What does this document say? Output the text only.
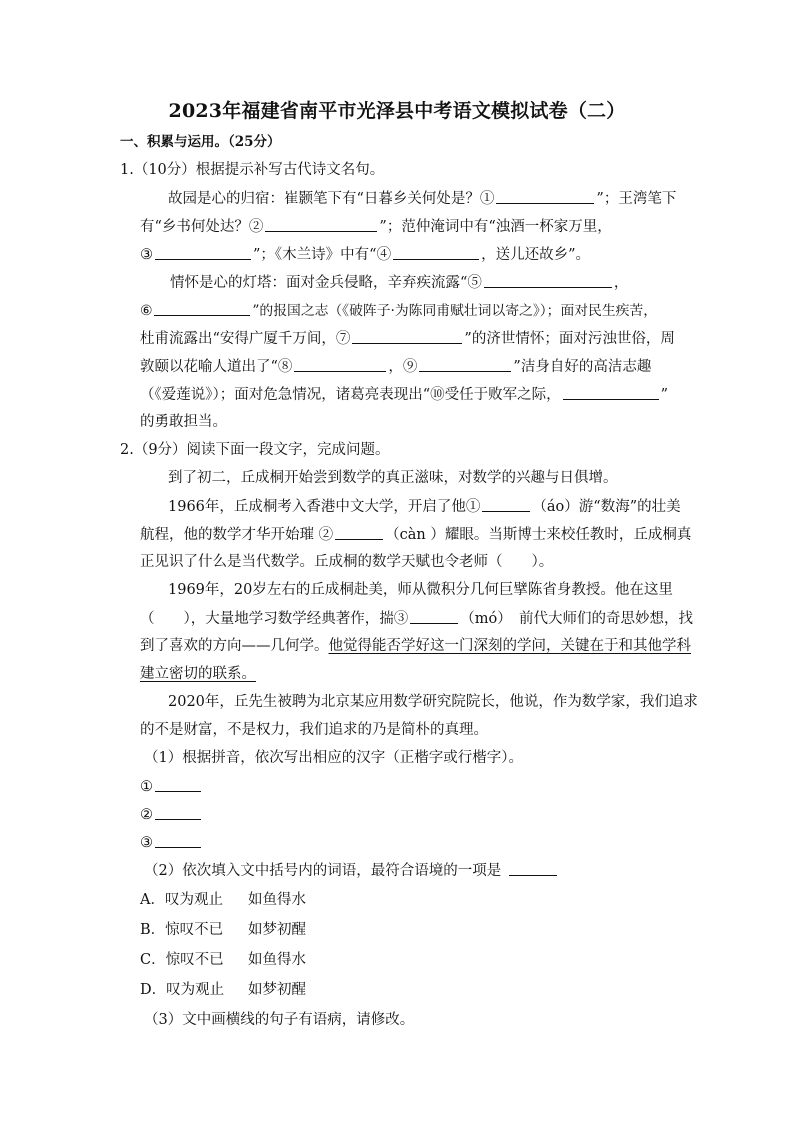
2023年福建省南平市光泽县中考语文模拟试卷（二）
一、积累与运用。（25分）
1.（10分）根据提示补写古代诗文名句。
故园是心的归宿：崔颢笔下有“日暮乡关何处是？①	”；王湾笔下
有“乡书何处达？②	”；范仲淹词中有“浊酒一杯家万里，
③	”；《木兰诗》中有“④	，送儿还故乡”。
情怀是心的灯塔：面对金兵侵略，辛弃疾流露“⑤	，
⑥	”的报国之志（《破阵子·为陈同甫赋壮词以寄之》）；面对民生疾苦，
杜甫流露出“安得广厦千万间，⑦	”的济世情怀；面对污浊世俗，周
敦颐以花喻人道出了“⑧	，⑨	”洁身自好的高洁志趣
（《爱莲说》）；面对危急情况，诸葛亮表现出“⑩受任于败军之际，	”
的勇敢担当。
2.（9分）阅读下面一段文字，完成问题。
到了初二，丘成桐开始尝到数学的真正滋味，对数学的兴趣与日俱增。
1966年，丘成桐考入香港中文大学，开启了他①	（áo）游“数海”的壮美
航程，他的数学才华开始璀 ②	（càn ）耀眼。当斯博士来校任教时，丘成桐真
正见识了什么是当代数学。丘成桐的数学天赋也令老师（　　）。
1969年，20岁左右的丘成桐赴美，师从微积分几何巨擘陈省身教授。他在这里
（　　），大量地学习数学经典著作，揣③	（mó）　前代大师们的奇思妙想，找
到了喜欢的方向——几何学。他觉得能否学好这一门深刻的学问，关键在于和其他学科
建立密切的联系。
2020年，丘先生被聘为北京某应用数学研究院院长，他说，作为数学家，我们追求
的不是财富，不是权力，我们追求的乃是简朴的真理。
（1）根据拼音，依次写出相应的汉字（正楷字或行楷字）。
①
②
③
（2）依次填入文中括号内的词语，最符合语境的一项是
A．叹为观止 如鱼得水
B．惊叹不已 如梦初醒
C．惊叹不已 如鱼得水
D．叹为观止 如梦初醒
（3）文中画横线的句子有语病，请修改。
